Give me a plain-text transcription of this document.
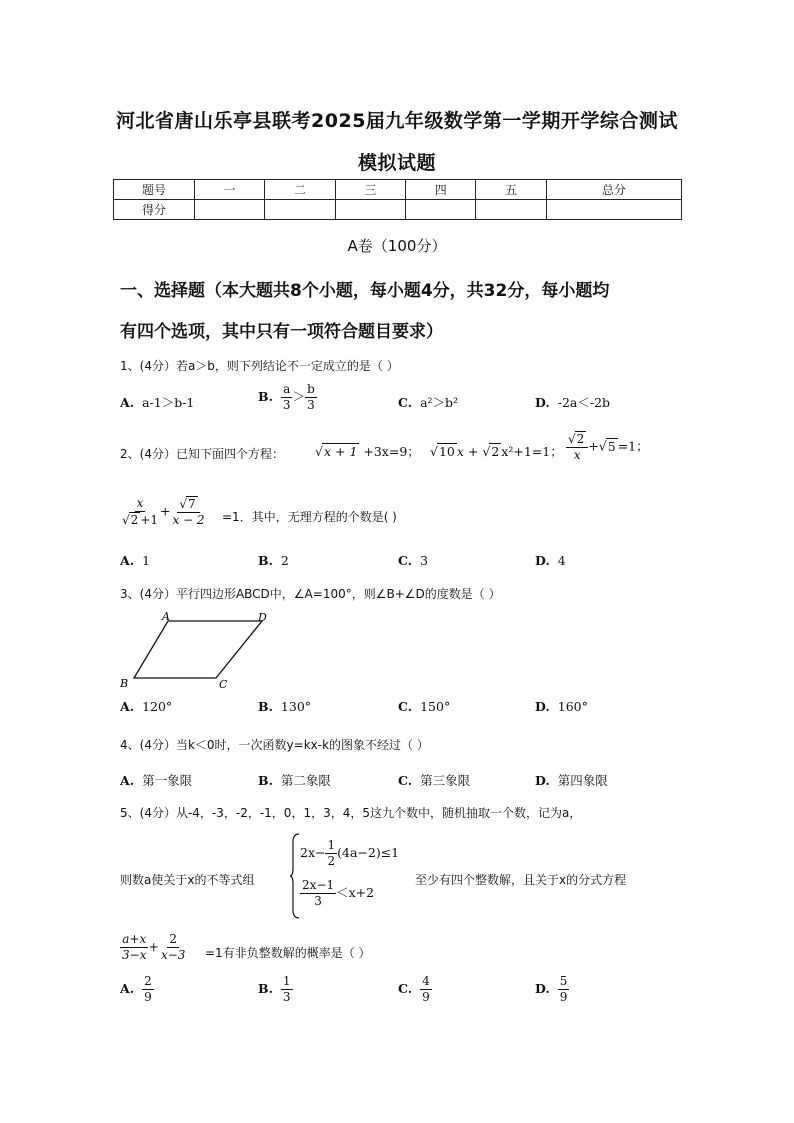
河北省唐山乐亭县联考2025届九年级数学第一学期开学综合测试
模拟试题
题号	一	二	三	四	五	总分
得分						
A卷（100分）
一、选择题（本大题共8个小题，每小题4分，共32分，每小题均
有四个选项，其中只有一项符合题目要求）
1、(4分）若a＞b，则下列结论不一定成立的是（ ）
A. a-1＞b-1	B. $\frac{a}{3} > \frac{b}{3}$	C. a²＞b²	D. -2a＜-2b
2、(4分）已知下面四个方程： √x + 1 +3x=9； √10 x + √2 x²+1=1； $\frac{√2}{x} +√5 =1$；
$\frac{x}{√2 +1} + \frac{√7}{x - 2} =1$．其中，无理方程的个数是( )
A. 1	B. 2	C. 3	D. 4
3、(4分）平行四边形ABCD中，∠A=100°，则∠B+∠D的度数是（ ）
A	D
B	C
A. 120°	B. 130°	C. 150°	D. 160°
4、(4分）当k＜0时，一次函数y=kx-k的图象不经过（ ）
A. 第一象限	B. 第二象限	C. 第三象限	D. 第四象限
5、(4分）从-4，-3，-2，-1，0，1，3，4，5这九个数中，随机抽取一个数，记为a，
则数a使关于x的不等式组
$2x- \frac{1}{2} (4a-2)\le 1$
$\frac{2x-1}{3} <x+2$
至少有四个整数解，且关于x的分式方程
$\frac{a+x}{3-x} + \frac{2}{x-3} =1$有非负整数解的概率是（ ）
A. $\frac{2}{9}$	B. $\frac{1}{3}$	C. $\frac{4}{9}$	D. $\frac{5}{9}$
